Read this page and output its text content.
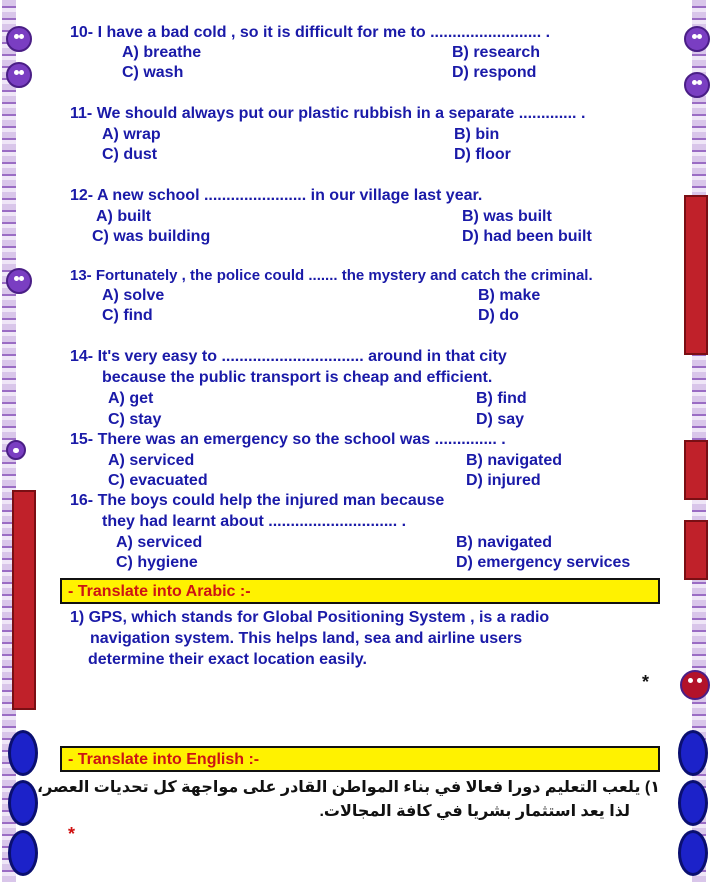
10- I have a bad cold , so it is difficult for me to ......................... .
A) breathe	B) research
C) wash	D) respond
11- We should always put our plastic rubbish in a separate ............. .
A) wrap	B) bin
C) dust	D) floor
12- A new school ....................... in our village last year.
A) built	B) was built
C) was building	D) had been built
13- Fortunately , the police could ....... the mystery and catch the criminal.
A) solve	B) make
C) find	D) do
14- It's very easy to ................................ around in that city
because the public transport is cheap and efficient.
A) get	B) find
C) stay	D) say
15- There was an emergency so the school was .............. .
A) serviced	B) navigated
C) evacuated	D) injured
16- The boys could help the injured man because
they had learnt about ............................. .
A) serviced	B) navigated
C) hygiene	D) emergency services
- Translate into Arabic :-
1) GPS, which stands for Global Positioning System , is a radio
navigation system. This helps land, sea and airline users
determine their exact location easily.
*
- Translate into English :-
١) يلعب التعليم دورا فعالا في بناء المواطن القادر على مواجهة كل تحديات العصر،
لذا يعد استثمار بشريا في كافة المجالات.
*
